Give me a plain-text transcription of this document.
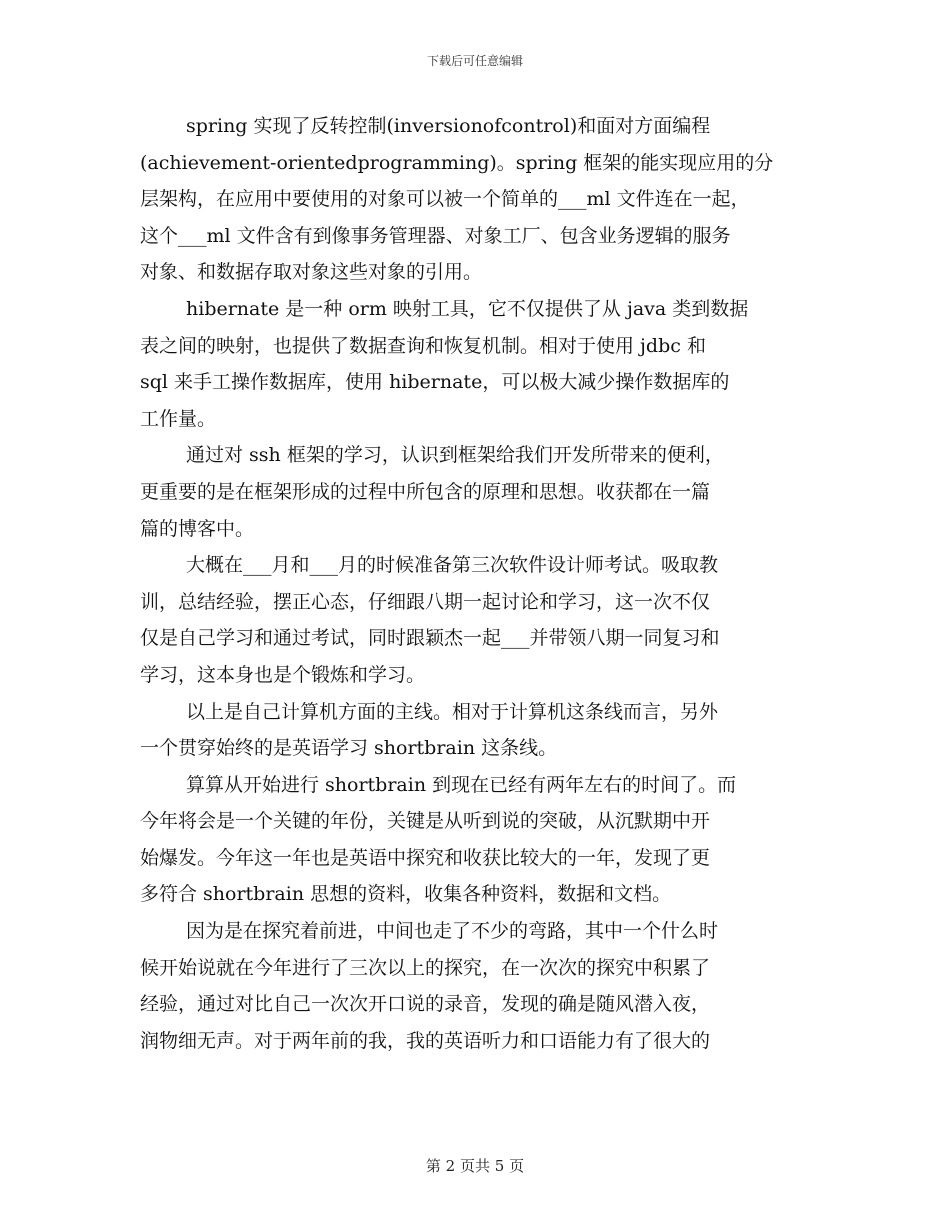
下载后可任意编辑
spring 实现了反转控制(inversionofcontrol)和面对方面编程
(achievement-orientedprogramming)。spring 框架的能实现应用的分
层架构，在应用中要使用的对象可以被一个简单的___ml 文件连在一起，
这个___ml 文件含有到像事务管理器、对象工厂、包含业务逻辑的服务
对象、和数据存取对象这些对象的引用。
hibernate 是一种 orm 映射工具，它不仅提供了从 java 类到数据
表之间的映射，也提供了数据查询和恢复机制。相对于使用 jdbc 和
sql 来手工操作数据库，使用 hibernate，可以极大减少操作数据库的
工作量。
通过对 ssh 框架的学习，认识到框架给我们开发所带来的便利，
更重要的是在框架形成的过程中所包含的原理和思想。收获都在一篇
篇的博客中。
大概在___月和___月的时候准备第三次软件设计师考试。吸取教
训，总结经验，摆正心态，仔细跟八期一起讨论和学习，这一次不仅
仅是自己学习和通过考试，同时跟颖杰一起___并带领八期一同复习和
学习，这本身也是个锻炼和学习。
以上是自己计算机方面的主线。相对于计算机这条线而言，另外
一个贯穿始终的是英语学习 shortbrain 这条线。
算算从开始进行 shortbrain 到现在已经有两年左右的时间了。而
今年将会是一个关键的年份，关键是从听到说的突破，从沉默期中开
始爆发。今年这一年也是英语中探究和收获比较大的一年，发现了更
多符合 shortbrain 思想的资料，收集各种资料，数据和文档。
因为是在探究着前进，中间也走了不少的弯路，其中一个什么时
候开始说就在今年进行了三次以上的探究，在一次次的探究中积累了
经验，通过对比自己一次次开口说的录音，发现的确是随风潜入夜，
润物细无声。对于两年前的我，我的英语听力和口语能力有了很大的
第 2 页共 5 页
